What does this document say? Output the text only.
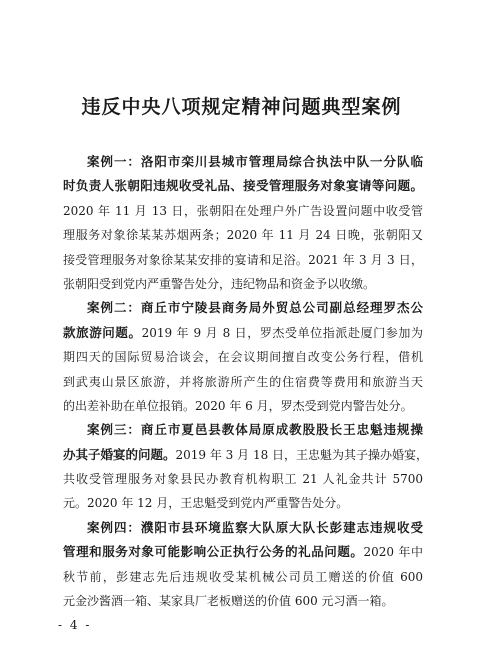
违反中央八项规定精神问题典型案例
案例一：洛阳市栾川县城市管理局综合执法中队一分队临
时负责人张朝阳违规收受礼品、接受管理服务对象宴请等问题。
2020 年 11 月 13 日，张朝阳在处理户外广告设置问题中收受管
理服务对象徐某某苏烟两条；2020 年 11 月 24 日晚，张朝阳又
接受管理服务对象徐某某安排的宴请和足浴。2021 年 3 月 3 日，
张朝阳受到党内严重警告处分，违纪物品和资金予以收缴。
案例二：商丘市宁陵县商务局外贸总公司副总经理罗杰公
款旅游问题。2019 年 9 月 8 日，罗杰受单位指派赴厦门参加为
期四天的国际贸易洽谈会，在会议期间擅自改变公务行程，借机
到武夷山景区旅游，并将旅游所产生的住宿费等费用和旅游当天
的出差补助在单位报销。2020 年 6 月，罗杰受到党内警告处分。
案例三：商丘市夏邑县教体局原成教股股长王忠魁违规操
办其子婚宴的问题。2019 年 3 月 18 日，王忠魁为其子操办婚宴，
共收受管理服务对象县民办教育机构职工 21 人礼金共计 5700
元。2020 年 12 月，王忠魁受到党内严重警告处分。
案例四：濮阳市县环境监察大队原大队长彭建志违规收受
管理和服务对象可能影响公正执行公务的礼品问题。2020 年中
秋节前，彭建志先后违规收受某机械公司员工赠送的价值 600
元金沙酱酒一箱、某家具厂老板赠送的价值 600 元习酒一箱。
- 4 -
